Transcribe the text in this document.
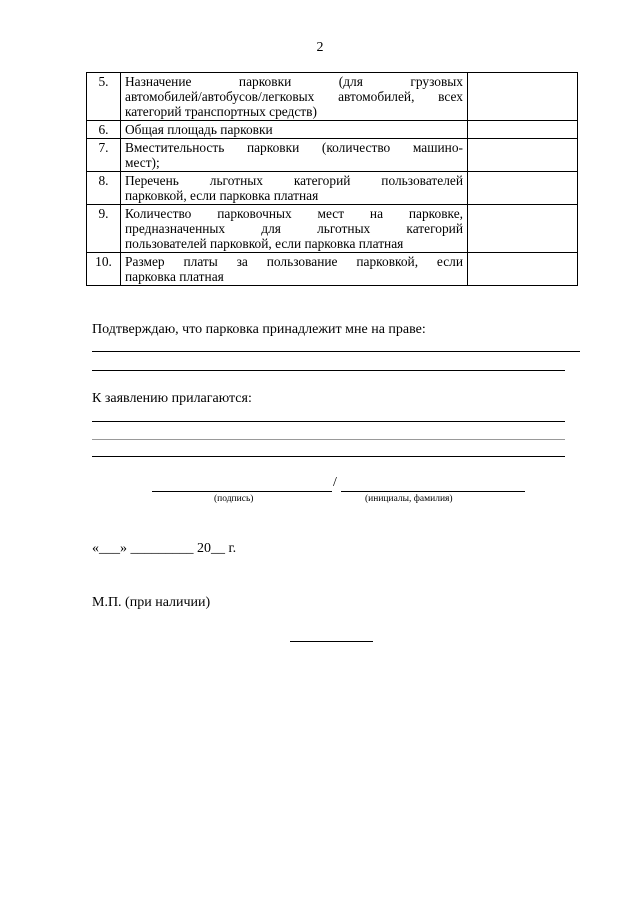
2
5.	Назначение парковки (для грузовых
автомобилей/автобусов/легковых автомобилей, всех
категорий транспортных средств)	

6.	Общая площадь парковки	

7.	Вместительность парковки (количество машино-
мест);	

8.	Перечень льготных категорий пользователей
парковкой, если парковка платная	

9.	Количество парковочных мест на парковке,
предназначенных для льготных категорий
пользователей парковкой, если парковка платная	

10.	Размер платы за пользование парковкой, если
парковка платная	

Подтверждаю, что парковка принадлежит мне на праве:
К заявлению прилагаются:
/
(подпись)	(инициалы, фамилия)
«___» _________ 20__ г.
М.П. (при наличии)
